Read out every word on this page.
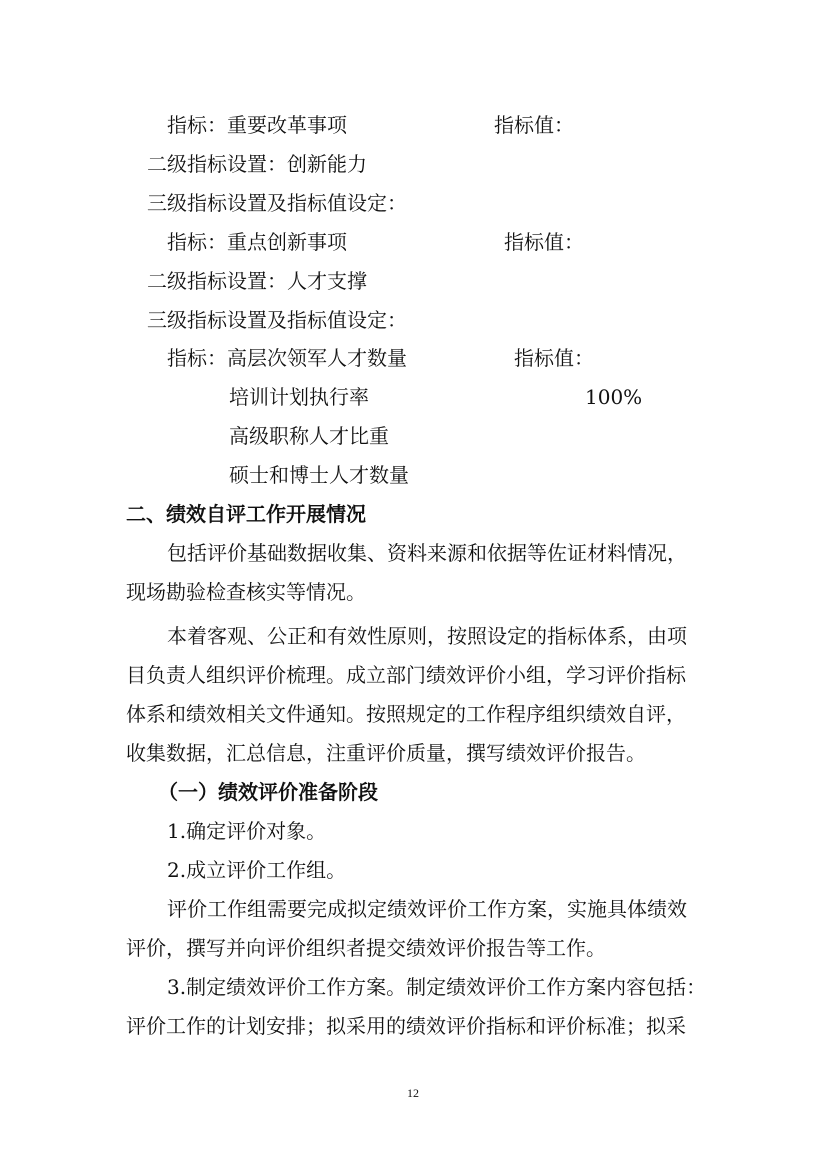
指标：重要改革事项	指标值：
二级指标设置：创新能力
三级指标设置及指标值设定：
指标：重点创新事项	指标值：
二级指标设置：人才支撑
三级指标设置及指标值设定：
指标：高层次领军人才数量	指标值：
培训计划执行率	100%
高级职称人才比重
硕士和博士人才数量
二、绩效自评工作开展情况
包括评价基础数据收集、资料来源和依据等佐证材料情况，
现场勘验检查核实等情况。
本着客观、公正和有效性原则，按照设定的指标体系，由项
目负责人组织评价梳理。成立部门绩效评价小组，学习评价指标
体系和绩效相关文件通知。按照规定的工作程序组织绩效自评，
收集数据，汇总信息，注重评价质量，撰写绩效评价报告。
（一）绩效评价准备阶段
1.确定评价对象。
2.成立评价工作组。
评价工作组需要完成拟定绩效评价工作方案，实施具体绩效
评价，撰写并向评价组织者提交绩效评价报告等工作。
3.制定绩效评价工作方案。制定绩效评价工作方案内容包括：
评价工作的计划安排；拟采用的绩效评价指标和评价标准；拟采
12
